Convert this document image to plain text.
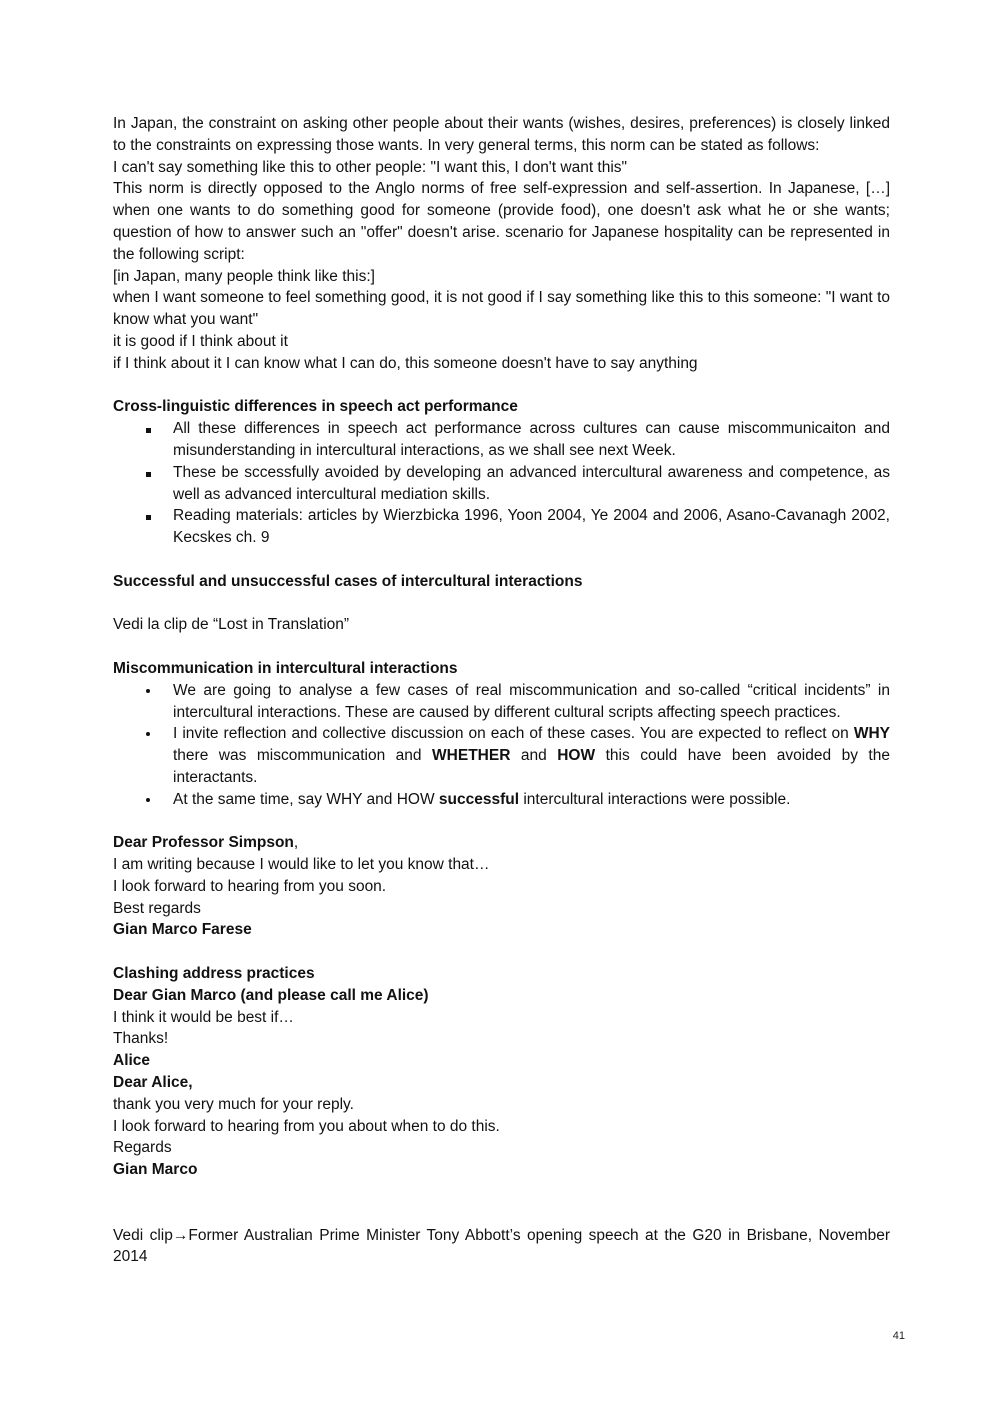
In Japan, the constraint on asking other people about their wants (wishes, desires, preferences) is closely linked to the constraints on expressing those wants. In very general terms, this norm can be stated as follows:

I can't say something like this to other people: "I want this, I don't want this"

This norm is directly opposed to the Anglo norms of free self-expression and self-assertion. In Japanese, […] when one wants to do something good for someone (provide food), one doesn't ask what he or she wants; question of how to answer such an "offer" doesn't arise. scenario for Japanese hospitality can be represented in the following script:

[in Japan, many people think like this:]

when I want someone to feel something good, it is not good if I say something like this to this someone: "I want to know what you want"

it is good if I think about it

if I think about it I can know what I can do, this someone doesn't have to say anything

Cross-linguistic differences in speech act performance

All these differences in speech act performance across cultures can cause miscommunicaiton and misunderstanding in intercultural interactions, as we shall see next Week.
These be sccessfully avoided by developing an advanced intercultural awareness and competence, as well as advanced intercultural mediation skills.
Reading materials: articles by Wierzbicka 1996, Yoon 2004, Ye 2004 and 2006, Asano-Cavanagh 2002, Kecskes ch. 9

Successful and unsuccessful cases of intercultural interactions

Vedi la clip de “Lost in Translation”

Miscommunication in intercultural interactions

We are going to analyse a few cases of real miscommunication and so-called “critical incidents” in intercultural interactions. These are caused by different cultural scripts affecting speech practices.
I invite reflection and collective discussion on each of these cases. You are expected to reflect on WHY there was miscommunication and WHETHER and HOW this could have been avoided by the interactants.
At the same time, say WHY and HOW successful intercultural interactions were possible.

Dear Professor Simpson,

I am writing because I would like to let you know that…

I look forward to hearing from you soon.

Best regards

Gian Marco Farese

Clashing address practices

Dear Gian Marco (and please call me Alice)

I think it would be best if…

Thanks!

Alice

Dear Alice,

thank you very much for your reply.

I look forward to hearing from you about when to do this.

Regards

Gian Marco

Vedi clip→Former Australian Prime Minister Tony Abbott’s opening speech at the G20 in Brisbane, November 2014

41
